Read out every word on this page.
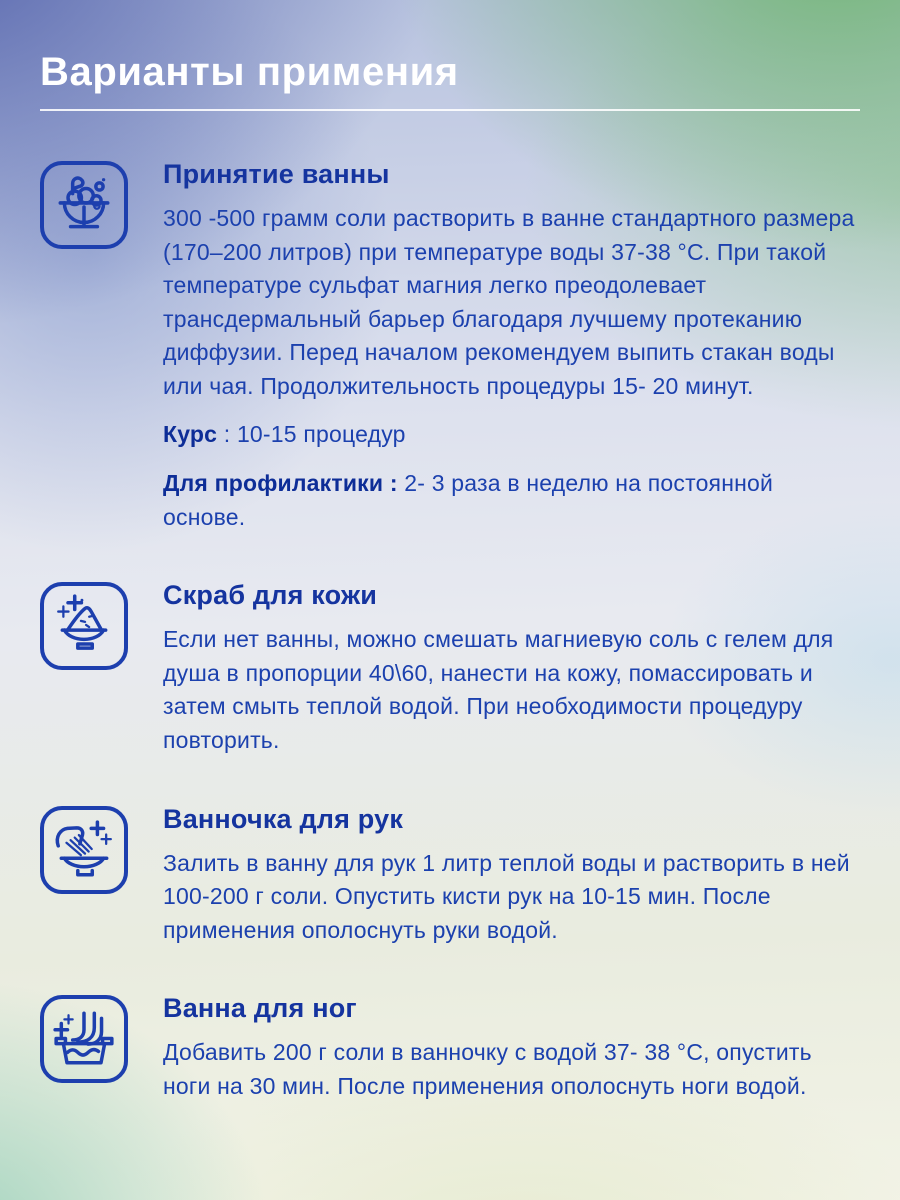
Варианты примения
Принятие ванны

300 -500 грамм соли растворить в ванне стандартного размера (170–200 литров) при температуре воды 37-38 °C. При такой температуре сульфат магния легко преодолевает трансдермальный барьер благодаря лучшему протеканию диффузии. Перед началом рекомендуем выпить стакан воды или чая. Продолжительность процедуры 15- 20 минут.

Курс : 10-15 процедур

Для профилактики : 2- 3 раза в неделю на постоянной основе.

Скраб для кожи

Если нет ванны, можно смешать магниевую соль с гелем для душа в пропорции 40\60, нанести на кожу, помассировать и затем смыть теплой водой. При необходимости процедуру повторить.

Ванночка для рук

Залить в ванну для рук 1 литр теплой воды и растворить в ней 100-200 г соли. Опустить кисти рук на 10-15 мин. После применения ополоснуть руки водой.

Ванна для ног

Добавить 200 г соли в ванночку с водой 37- 38 °C, опустить ноги на 30 мин. После применения ополоснуть ноги водой.
